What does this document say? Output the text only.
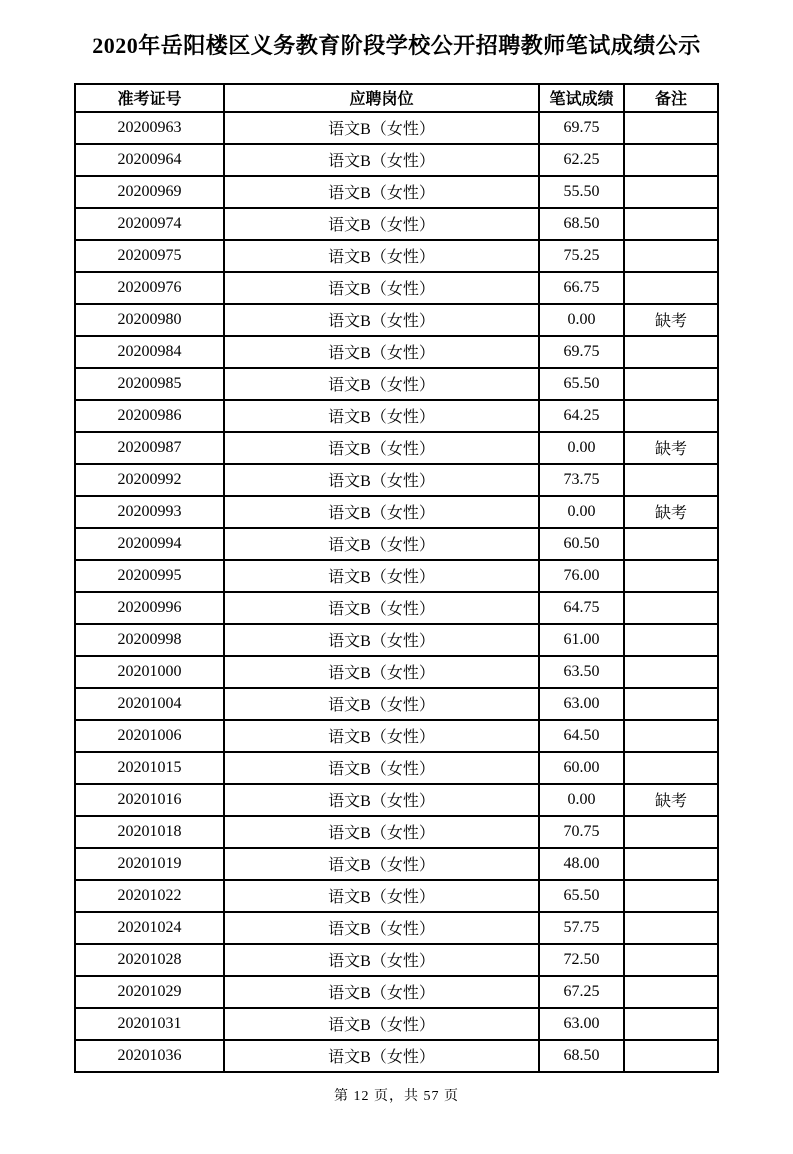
2020年岳阳楼区义务教育阶段学校公开招聘教师笔试成绩公示
准考证号	应聘岗位	笔试成绩	备注
20200963	语文B（女性）	69.75	
20200964	语文B（女性）	62.25	
20200969	语文B（女性）	55.50	
20200974	语文B（女性）	68.50	
20200975	语文B（女性）	75.25	
20200976	语文B（女性）	66.75	
20200980	语文B（女性）	0.00	缺考
20200984	语文B（女性）	69.75	
20200985	语文B（女性）	65.50	
20200986	语文B（女性）	64.25	
20200987	语文B（女性）	0.00	缺考
20200992	语文B（女性）	73.75	
20200993	语文B（女性）	0.00	缺考
20200994	语文B（女性）	60.50	
20200995	语文B（女性）	76.00	
20200996	语文B（女性）	64.75	
20200998	语文B（女性）	61.00	
20201000	语文B（女性）	63.50	
20201004	语文B（女性）	63.00	
20201006	语文B（女性）	64.50	
20201015	语文B（女性）	60.00	
20201016	语文B（女性）	0.00	缺考
20201018	语文B（女性）	70.75	
20201019	语文B（女性）	48.00	
20201022	语文B（女性）	65.50	
20201024	语文B（女性）	57.75	
20201028	语文B（女性）	72.50	
20201029	语文B（女性）	67.25	
20201031	语文B（女性）	63.00	
20201036	语文B（女性）	68.50	
第 12 页，共 57 页
